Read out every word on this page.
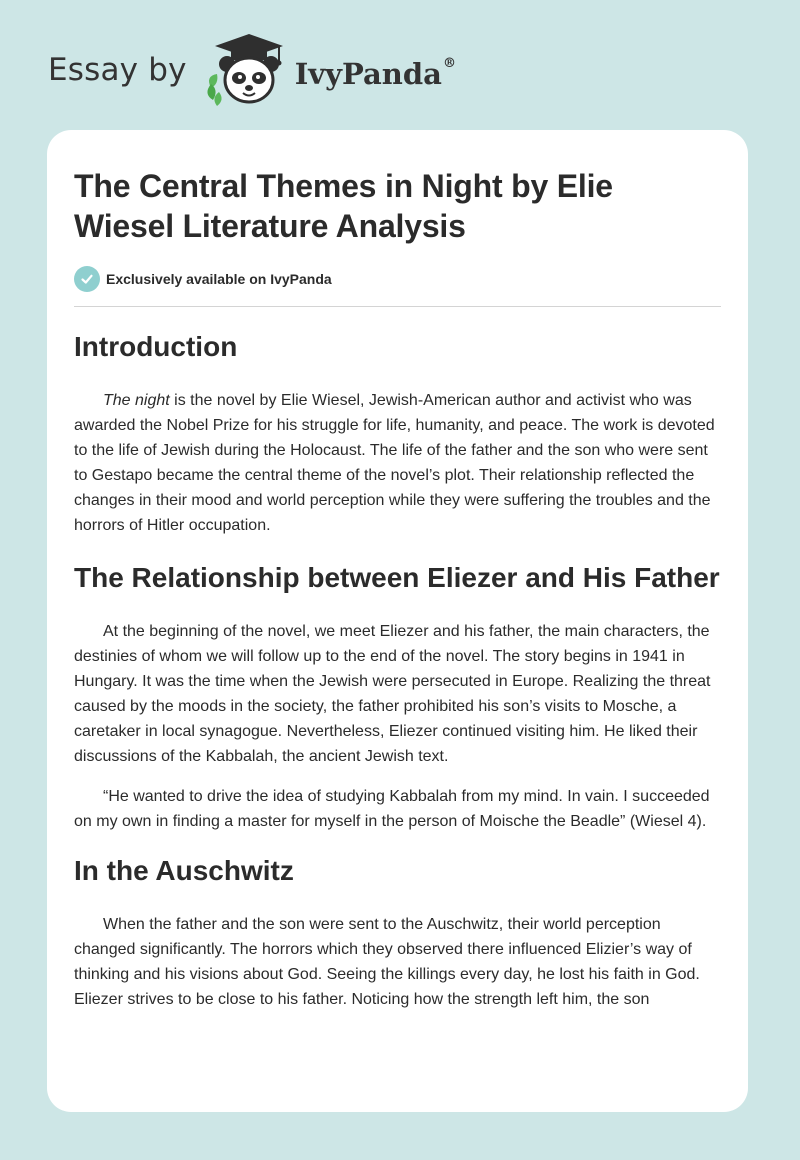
Essay by	IvyPanda®
The Central Themes in Night by Elie Wiesel Literature Analysis
Exclusively available on IvyPanda
Introduction

The night is the novel by Elie Wiesel, Jewish-American author and activist who was awarded the Nobel Prize for his struggle for life, humanity, and peace. The work is devoted to the life of Jewish during the Holocaust. The life of the father and the son who were sent to Gestapo became the central theme of the novel’s plot. Their relationship reflected the changes in their mood and world perception while they were suffering the troubles and the horrors of Hitler occupation.

The Relationship between Eliezer and His Father

At the beginning of the novel, we meet Eliezer and his father, the main characters, the destinies of whom we will follow up to the end of the novel. The story begins in 1941 in Hungary. It was the time when the Jewish were persecuted in Europe. Realizing the threat caused by the moods in the society, the father prohibited his son’s visits to Mosche, a caretaker in local synagogue. Nevertheless, Eliezer continued visiting him. He liked their discussions of the Kabbalah, the ancient Jewish text.

“He wanted to drive the idea of studying Kabbalah from my mind. In vain. I succeeded on my own in finding a master for myself in the person of Moische the Beadle” (Wiesel 4).

In the Auschwitz

When the father and the son were sent to the Auschwitz, their world perception changed significantly. The horrors which they observed there influenced Elizier’s way of thinking and his visions about God. Seeing the killings every day, he lost his faith in God. Eliezer strives to be close to his father. Noticing how the strength left him, the son
